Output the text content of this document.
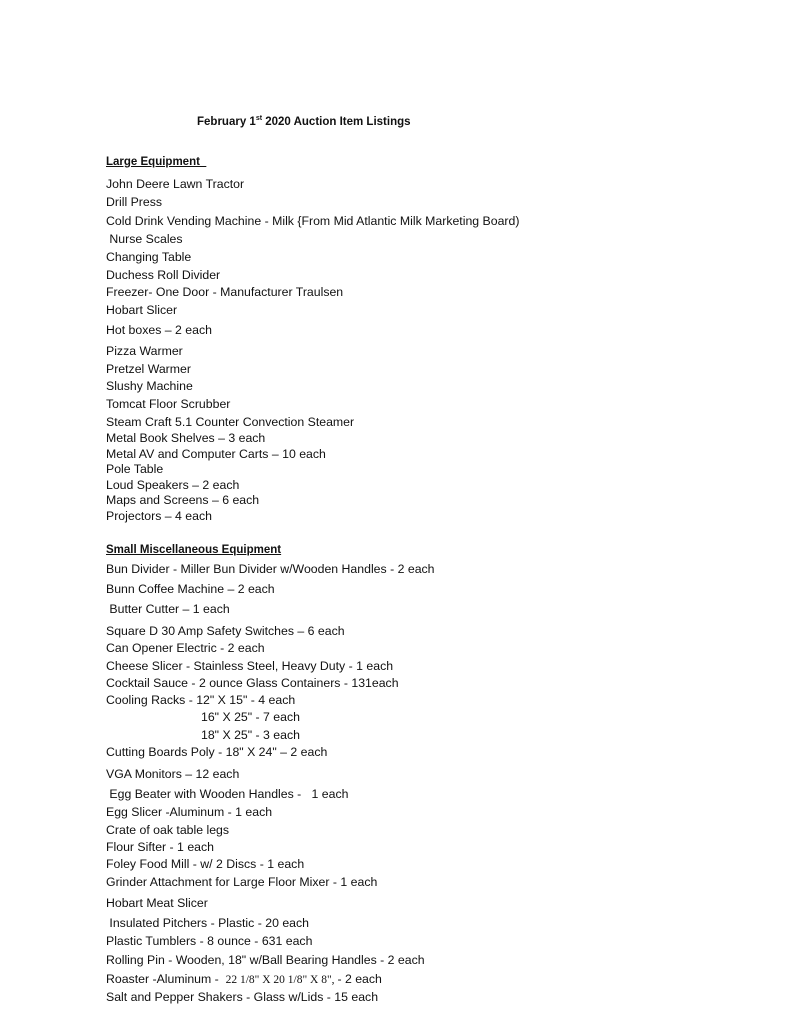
February 1st 2020 Auction Item Listings
Large Equipment
John Deere Lawn Tractor
Drill Press
Cold Drink Vending Machine - Milk {From Mid Atlantic Milk Marketing Board)
Nurse Scales
Changing Table
Duchess Roll Divider
Freezer- One Door - Manufacturer Traulsen
Hobart Slicer
Hot boxes – 2 each
Pizza Warmer
Pretzel Warmer
Slushy Machine
Tomcat Floor Scrubber
Steam Craft 5.1 Counter Convection Steamer
Metal Book Shelves – 3 each
Metal AV and Computer Carts – 10 each
Pole Table
Loud Speakers – 2 each
Maps and Screens – 6 each
Projectors – 4 each
Small Miscellaneous Equipment
Bun Divider - Miller Bun Divider w/Wooden Handles - 2 each
Bunn Coffee Machine – 2 each
Butter Cutter – 1 each
Square D 30 Amp Safety Switches – 6 each
Can Opener Electric - 2 each
Cheese Slicer - Stainless Steel, Heavy Duty - 1 each
Cocktail Sauce - 2 ounce Glass Containers - 131each
Cooling Racks - 12" X 15" - 4 each
16" X 25" - 7 each
18" X 25" - 3 each
Cutting Boards Poly - 18" X 24" – 2 each
VGA Monitors – 12 each
Egg Beater with Wooden Handles -   1 each
Egg Slicer -Aluminum - 1 each
Crate of oak table legs
Flour Sifter - 1 each
Foley Food Mill - w/ 2 Discs - 1 each
Grinder Attachment for Large Floor Mixer - 1 each
Hobart Meat Slicer
Insulated Pitchers - Plastic - 20 each
Plastic Tumblers - 8 ounce - 631 each
Rolling Pin - Wooden, 18" w/Ball Bearing Handles - 2 each
Roaster -Aluminum -  22 1/8" X 20 1/8" X 8", - 2 each
Salt and Pepper Shakers - Glass w/Lids - 15 each
